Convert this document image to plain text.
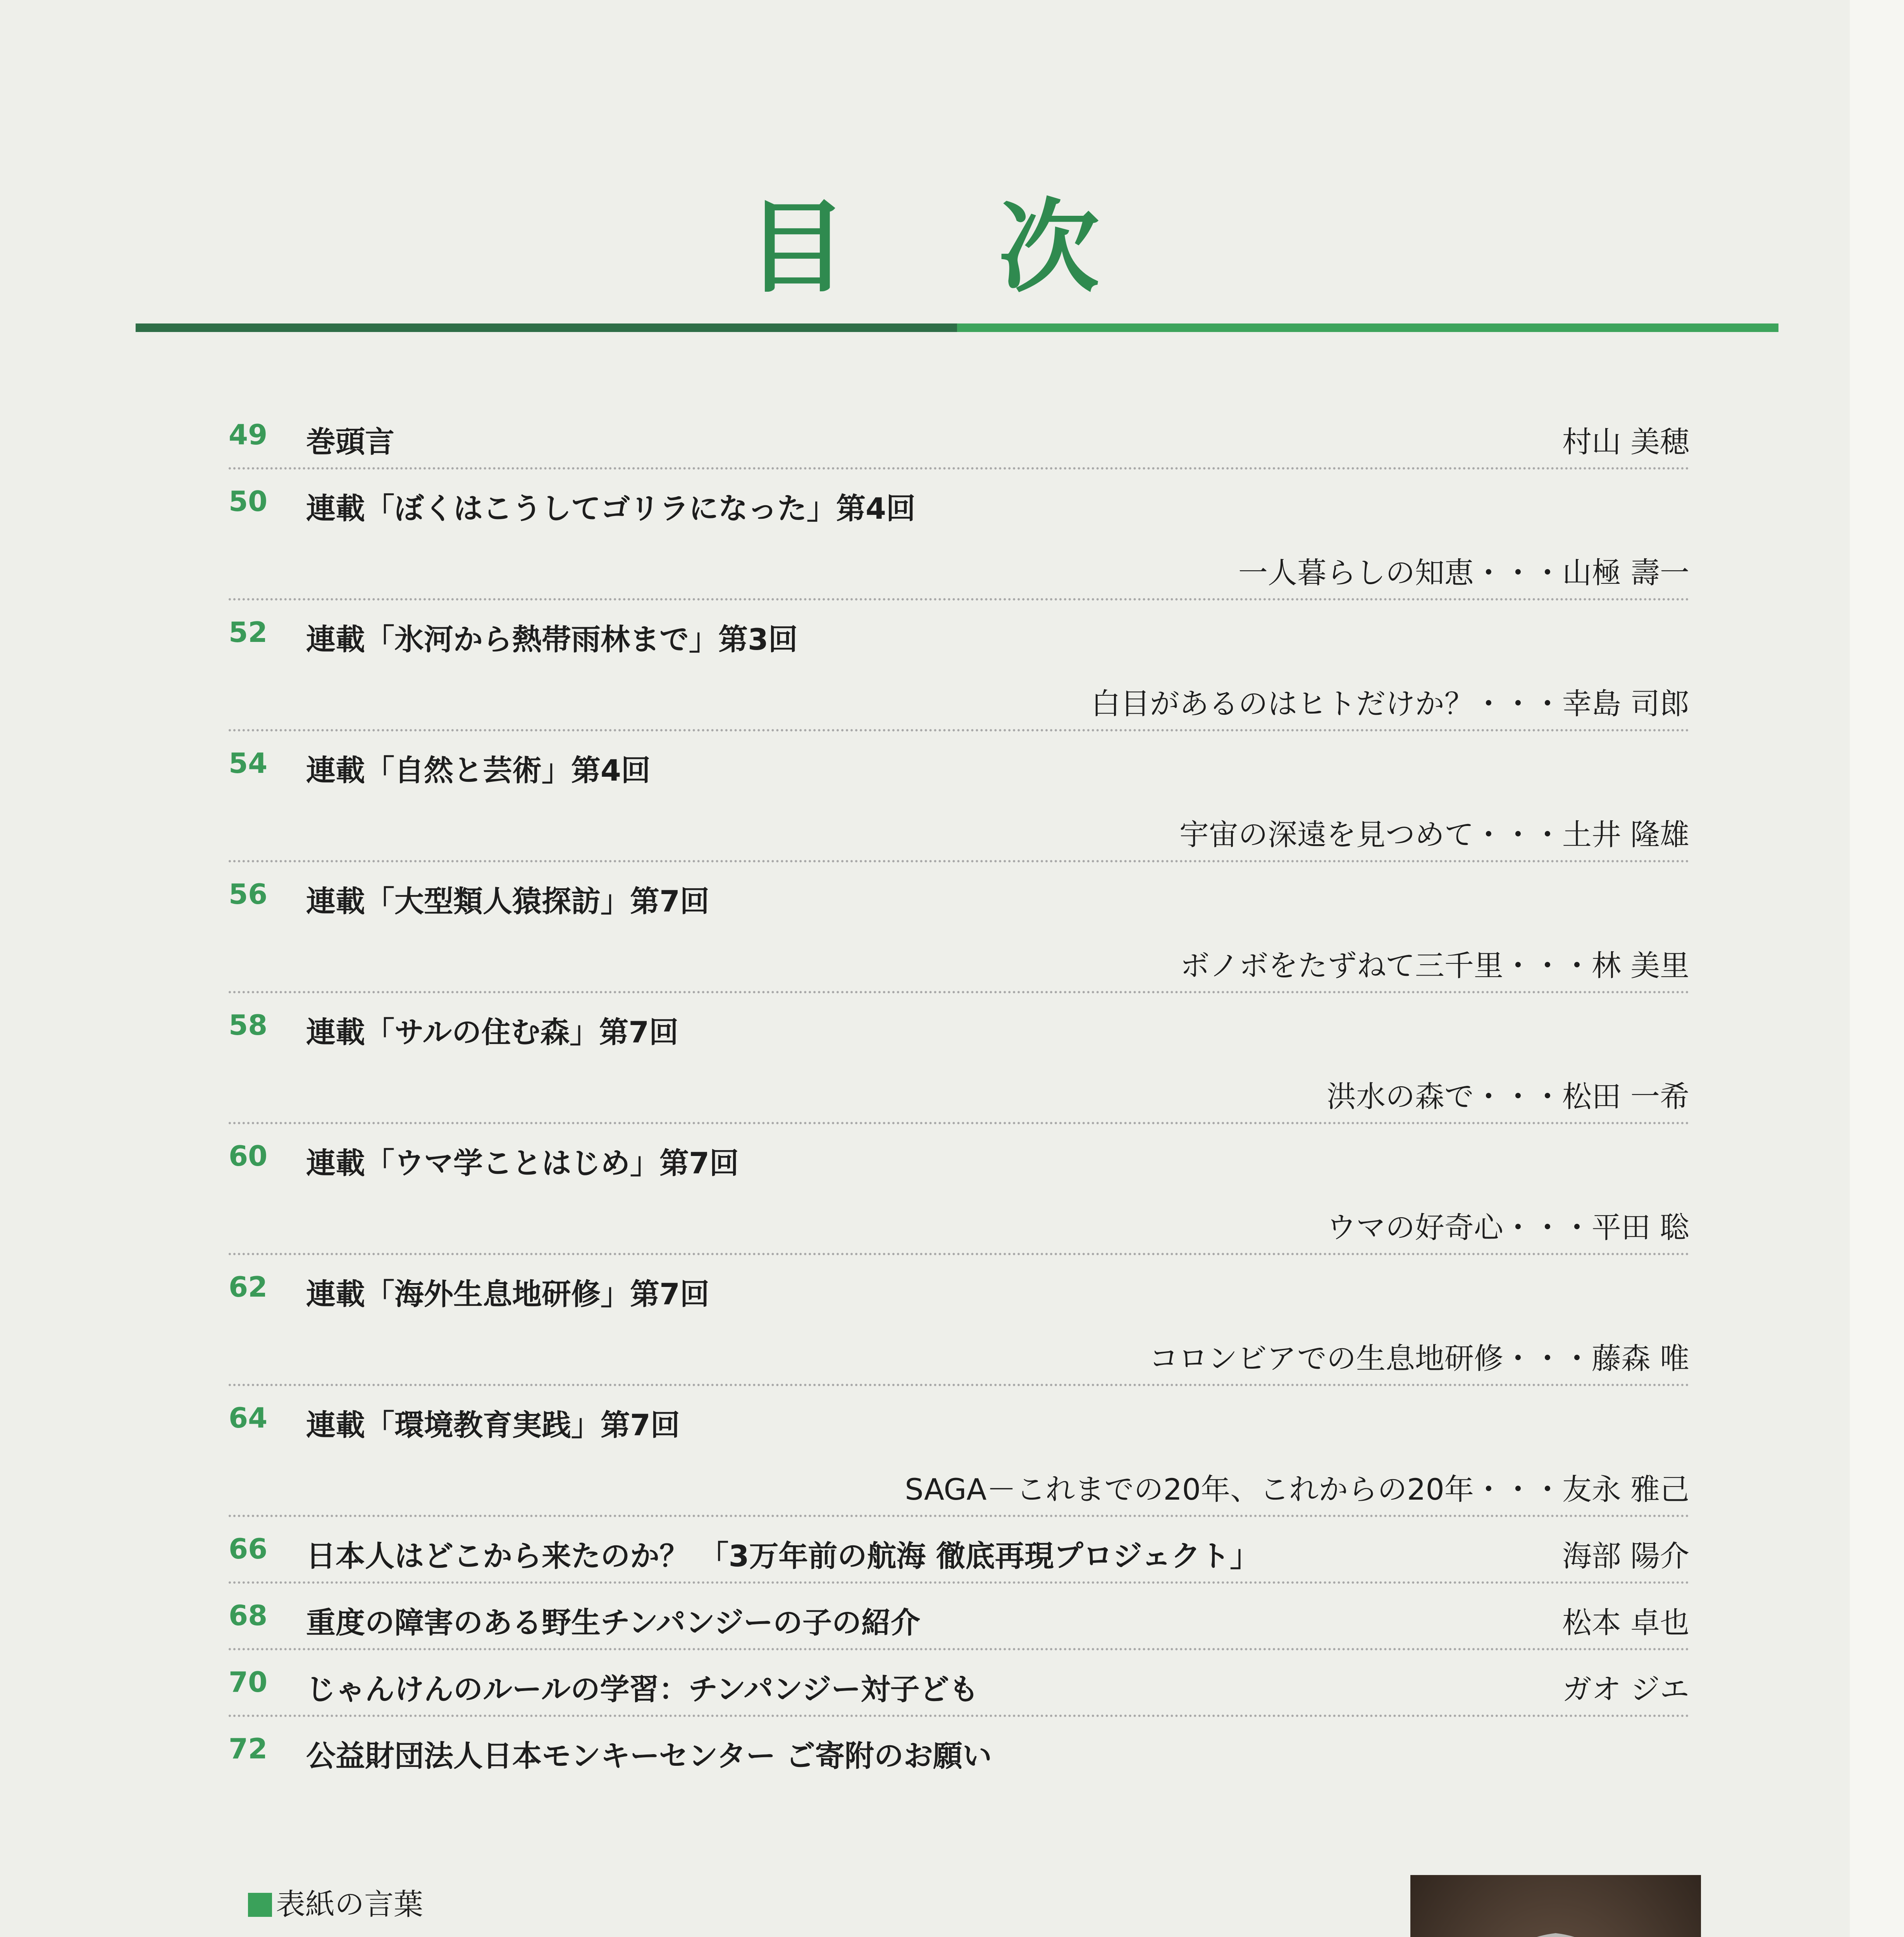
目 次
49 巻頭言	村山 美穂
50 連載「ぼくはこうしてゴリラになった」第4回
一人暮らしの知恵・・・山極 壽一
52 連載「氷河から熱帯雨林まで」第3回
白目があるのはヒトだけか？・・・幸島 司郎
54 連載「自然と芸術」第4回
宇宙の深遠を見つめて・・・土井 隆雄
56 連載「大型類人猿探訪」第7回
ボノボをたずねて三千里・・・林 美里
58 連載「サルの住む森」第7回
洪水の森で・・・松田 一希
60 連載「ウマ学ことはじめ」第7回
ウマの好奇心・・・平田 聡
62 連載「海外生息地研修」第7回
コロンビアでの生息地研修・・・藤森 唯
64 連載「環境教育実践」第7回
SAGA－これまでの20年、これからの20年・・・友永 雅己
66 日本人はどこから来たのか？ 「3万年前の航海 徹底再現プロジェクト」	海部 陽介
68 重度の障害のある野生チンパンジーの子の紹介	松本 卓也
70 じゃんけんのルールの学習：チンパンジー対子ども	ガオ ジエ
72 公益財団法人日本モンキーセンター ご寄附のお願い
表紙の言葉
